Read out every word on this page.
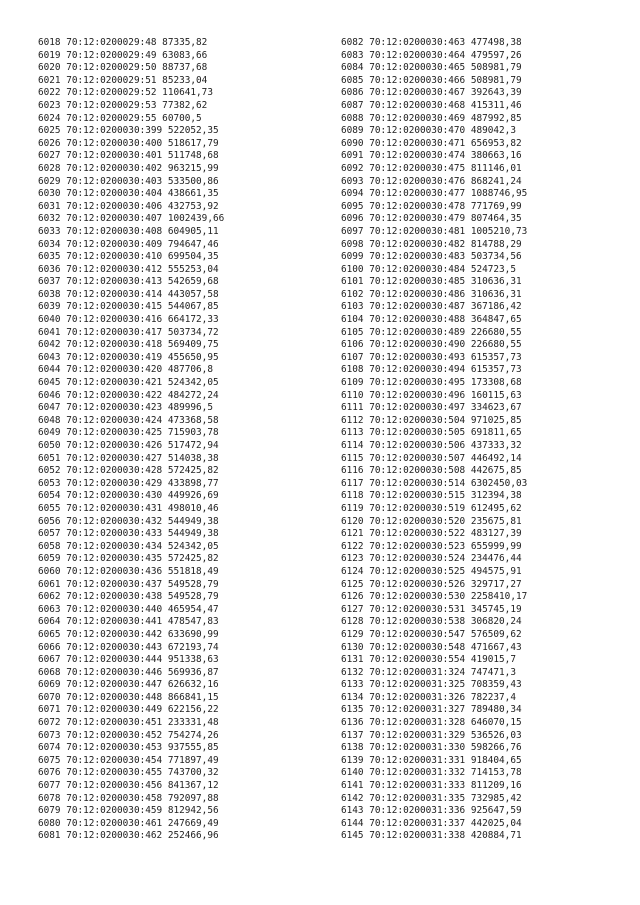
6018 70:12:0200029:48 87335,82
6019 70:12:0200029:49 63083,66
6020 70:12:0200029:50 88737,68
6021 70:12:0200029:51 85233,04
6022 70:12:0200029:52 110641,73
6023 70:12:0200029:53 77382,62
6024 70:12:0200029:55 60700,5
6025 70:12:0200030:399 522052,35
6026 70:12:0200030:400 518617,79
6027 70:12:0200030:401 511748,68
6028 70:12:0200030:402 963215,99
6029 70:12:0200030:403 533500,86
6030 70:12:0200030:404 438661,35
6031 70:12:0200030:406 432753,92
6032 70:12:0200030:407 1002439,66
6033 70:12:0200030:408 604905,11
6034 70:12:0200030:409 794647,46
6035 70:12:0200030:410 699504,35
6036 70:12:0200030:412 555253,04
6037 70:12:0200030:413 542659,68
6038 70:12:0200030:414 443057,58
6039 70:12:0200030:415 544067,85
6040 70:12:0200030:416 664172,33
6041 70:12:0200030:417 503734,72
6042 70:12:0200030:418 569409,75
6043 70:12:0200030:419 455650,95
6044 70:12:0200030:420 487706,8
6045 70:12:0200030:421 524342,05
6046 70:12:0200030:422 484272,24
6047 70:12:0200030:423 489996,5
6048 70:12:0200030:424 473368,58
6049 70:12:0200030:425 715903,78
6050 70:12:0200030:426 517472,94
6051 70:12:0200030:427 514038,38
6052 70:12:0200030:428 572425,82
6053 70:12:0200030:429 433898,77
6054 70:12:0200030:430 449926,69
6055 70:12:0200030:431 498010,46
6056 70:12:0200030:432 544949,38
6057 70:12:0200030:433 544949,38
6058 70:12:0200030:434 524342,05
6059 70:12:0200030:435 572425,82
6060 70:12:0200030:436 551818,49
6061 70:12:0200030:437 549528,79
6062 70:12:0200030:438 549528,79
6063 70:12:0200030:440 465954,47
6064 70:12:0200030:441 478547,83
6065 70:12:0200030:442 633690,99
6066 70:12:0200030:443 672193,74
6067 70:12:0200030:444 951338,63
6068 70:12:0200030:446 569936,87
6069 70:12:0200030:447 626632,16
6070 70:12:0200030:448 866841,15
6071 70:12:0200030:449 622156,22
6072 70:12:0200030:451 233331,48
6073 70:12:0200030:452 754274,26
6074 70:12:0200030:453 937555,85
6075 70:12:0200030:454 771897,49
6076 70:12:0200030:455 743700,32
6077 70:12:0200030:456 841367,12
6078 70:12:0200030:458 792097,88
6079 70:12:0200030:459 812942,56
6080 70:12:0200030:461 247669,49
6081 70:12:0200030:462 252466,96
6082 70:12:0200030:463 477498,38
6083 70:12:0200030:464 479597,26
6084 70:12:0200030:465 508981,79
6085 70:12:0200030:466 508981,79
6086 70:12:0200030:467 392643,39
6087 70:12:0200030:468 415311,46
6088 70:12:0200030:469 487992,85
6089 70:12:0200030:470 489042,3
6090 70:12:0200030:471 656953,82
6091 70:12:0200030:474 380663,16
6092 70:12:0200030:475 811146,01
6093 70:12:0200030:476 868241,24
6094 70:12:0200030:477 1088746,95
6095 70:12:0200030:478 771769,99
6096 70:12:0200030:479 807464,35
6097 70:12:0200030:481 1005210,73
6098 70:12:0200030:482 814788,29
6099 70:12:0200030:483 503734,56
6100 70:12:0200030:484 524723,5
6101 70:12:0200030:485 310636,31
6102 70:12:0200030:486 310636,31
6103 70:12:0200030:487 367186,42
6104 70:12:0200030:488 364847,65
6105 70:12:0200030:489 226680,55
6106 70:12:0200030:490 226680,55
6107 70:12:0200030:493 615357,73
6108 70:12:0200030:494 615357,73
6109 70:12:0200030:495 173308,68
6110 70:12:0200030:496 160115,63
6111 70:12:0200030:497 334623,67
6112 70:12:0200030:504 971025,85
6113 70:12:0200030:505 691811,65
6114 70:12:0200030:506 437333,32
6115 70:12:0200030:507 446492,14
6116 70:12:0200030:508 442675,85
6117 70:12:0200030:514 6302450,03
6118 70:12:0200030:515 312394,38
6119 70:12:0200030:519 612495,62
6120 70:12:0200030:520 235675,81
6121 70:12:0200030:522 483127,39
6122 70:12:0200030:523 655999,99
6123 70:12:0200030:524 234476,44
6124 70:12:0200030:525 494575,91
6125 70:12:0200030:526 329717,27
6126 70:12:0200030:530 2258410,17
6127 70:12:0200030:531 345745,19
6128 70:12:0200030:538 306820,24
6129 70:12:0200030:547 576509,62
6130 70:12:0200030:548 471667,43
6131 70:12:0200030:554 419015,7
6132 70:12:0200031:324 747471,3
6133 70:12:0200031:325 708359,43
6134 70:12:0200031:326 782237,4
6135 70:12:0200031:327 789480,34
6136 70:12:0200031:328 646070,15
6137 70:12:0200031:329 536526,03
6138 70:12:0200031:330 598266,76
6139 70:12:0200031:331 918404,65
6140 70:12:0200031:332 714153,78
6141 70:12:0200031:333 811209,16
6142 70:12:0200031:335 732985,42
6143 70:12:0200031:336 925647,59
6144 70:12:0200031:337 442025,04
6145 70:12:0200031:338 420884,71
